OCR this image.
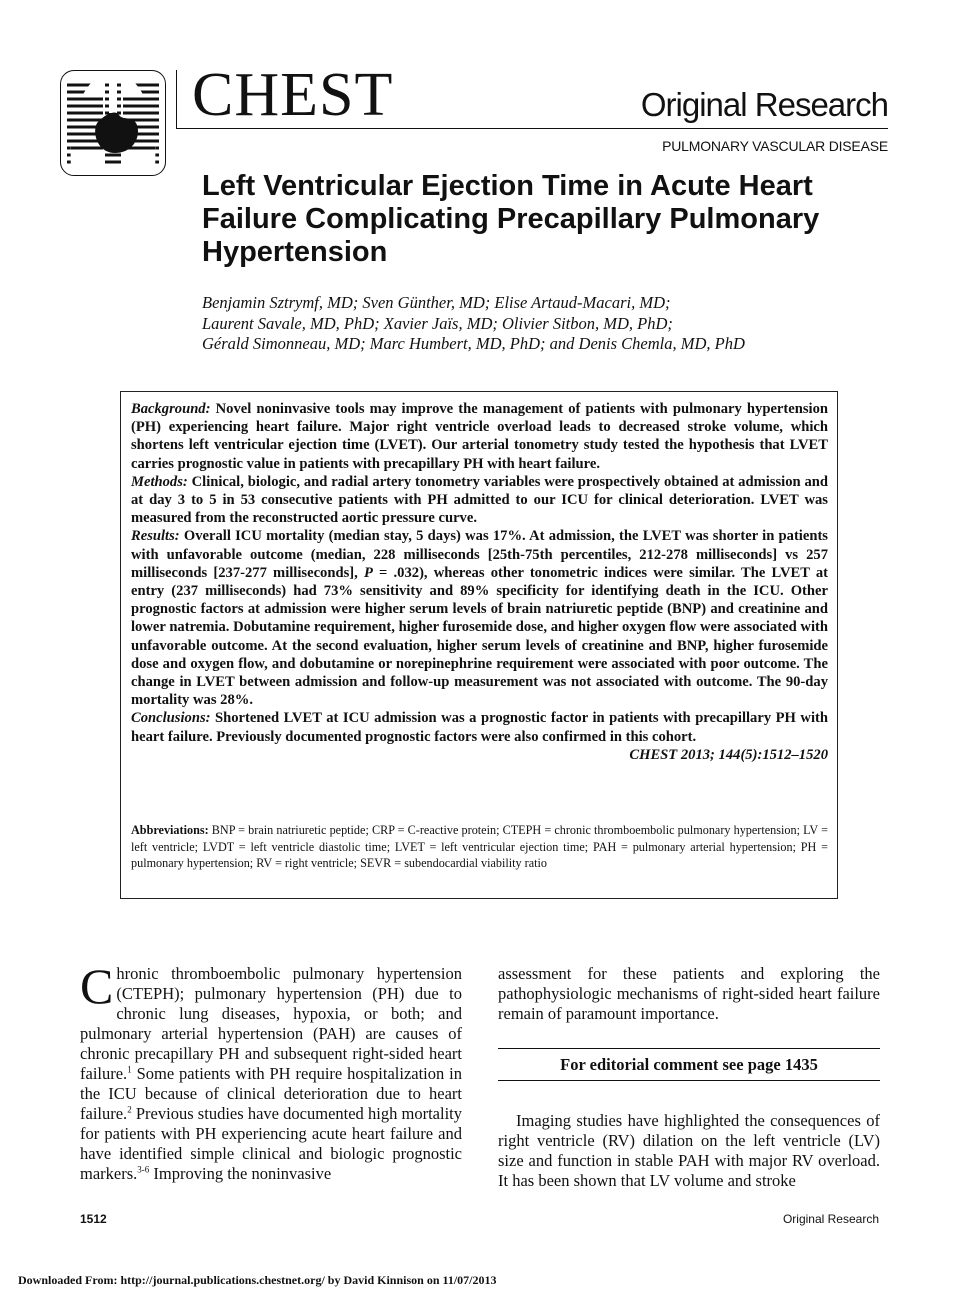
CHEST	Original Research
PULMONARY VASCULAR DISEASE
Left Ventricular Ejection Time in Acute Heart Failure Complicating Precapillary Pulmonary Hypertension
Benjamin Sztrymf, MD; Sven Günther, MD; Elise Artaud-Macari, MD;
Laurent Savale, MD, PhD; Xavier Jaïs, MD; Olivier Sitbon, MD, PhD;
Gérald Simonneau, MD; Marc Humbert, MD, PhD; and Denis Chemla, MD, PhD

Background: Novel noninvasive tools may improve the management of patients with pulmonary hypertension (PH) experiencing heart failure. Major right ventricle overload leads to decreased stroke volume, which shortens left ventricular ejection time (LVET). Our arterial tonometry study tested the hypothesis that LVET carries prognostic value in patients with precapillary PH with heart failure.

Methods: Clinical, biologic, and radial artery tonometry variables were prospectively obtained at admission and at day 3 to 5 in 53 consecutive patients with PH admitted to our ICU for clinical deterioration. LVET was measured from the reconstructed aortic pressure curve.

Results: Overall ICU mortality (median stay, 5 days) was 17%. At admission, the LVET was shorter in patients with unfavorable outcome (median, 228 milliseconds [25th-75th percentiles, 212-278 milliseconds] vs 257 milliseconds [237-277 milliseconds], P = .032), whereas other tonometric indices were similar. The LVET at entry (237 milliseconds) had 73% sensitivity and 89% specificity for identifying death in the ICU. Other prognostic factors at admission were higher serum levels of brain natriuretic peptide (BNP) and creatinine and lower natremia. Dobutamine requirement, higher furosemide dose, and higher oxygen flow were associated with unfavorable outcome. At the second evaluation, higher serum levels of creatinine and BNP, higher furosemide dose and oxygen flow, and dobutamine or norepinephrine requirement were associated with poor outcome. The change in LVET between admission and follow-up measurement was not associated with outcome. The 90-day mortality was 28%.

Conclusions: Shortened LVET at ICU admission was a prognostic factor in patients with precapillary PH with heart failure. Previously documented prognostic factors were also confirmed in this cohort.

CHEST 2013; 144(5):1512–1520

Abbreviations: BNP = brain natriuretic peptide; CRP = C-reactive protein; CTEPH = chronic thromboembolic pulmonary hypertension; LV = left ventricle; LVDT = left ventricle diastolic time; LVET = left ventricular ejection time; PAH = pulmonary arterial hypertension; PH = pulmonary hypertension; RV = right ventricle; SEVR = subendocardial viability ratio

Chronic thromboembolic pulmonary hypertension (CTEPH); pulmonary hypertension (PH) due to chronic lung diseases, hypoxia, or both; and pulmonary arterial hypertension (PAH) are causes of chronic precapillary PH and subsequent right-sided heart failure.$^1$ Some patients with PH require hospitalization in the ICU because of clinical deterioration due to heart failure.$^2$ Previous studies have documented high mortality for patients with PH experiencing acute heart failure and have identified simple clinical and biologic prognostic markers.$^{3-6}$ Improving the noninvasive

assessment for these patients and exploring the pathophysiologic mechanisms of right-sided heart failure remain of paramount importance.

For editorial comment see page 1435

Imaging studies have highlighted the consequences of right ventricle (RV) dilation on the left ventricle (LV) size and function in stable PAH with major RV overload. It has been shown that LV volume and stroke

1512	Original Research
Downloaded From: http://journal.publications.chestnet.org/ by David Kinnison on 11/07/2013
